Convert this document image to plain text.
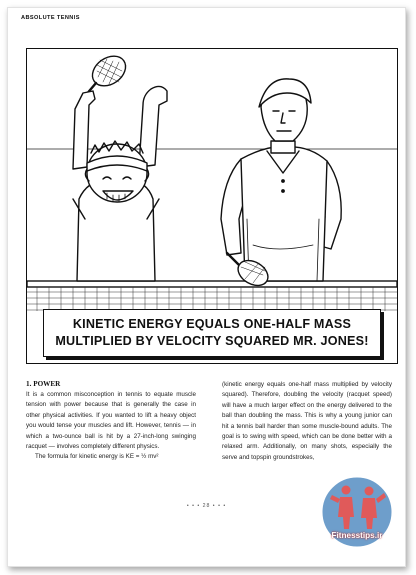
ABSOLUTE TENNIS
KINETIC ENERGY EQUALS ONE-HALF MASS MULTIPLIED BY VELOCITY SQUARED MR. JONES!
1. POWER

It is a common misconception in tennis to equate muscle tension with power because that is generally the case in other physical activities. If you wanted to lift a heavy object you would tense your muscles and lift. However, tennis — in which a two-ounce ball is hit by a 27-inch-long swinging racquet — involves completely different physics.

The formula for kinetic energy is KE = ½ mv²

(kinetic energy equals one-half mass multiplied by velocity squared). Therefore, doubling the velocity (racquet speed) will have a much larger effect on the energy delivered to the ball than doubling the mass. This is why a young junior can hit a tennis ball harder than some muscle-bound adults. The goal is to swing with speed, which can be done better with a relaxed arm. Additionally, on many shots, especially the serve and topspin groundstrokes,

• • • 28 • • •
Fitnesstips.ir
